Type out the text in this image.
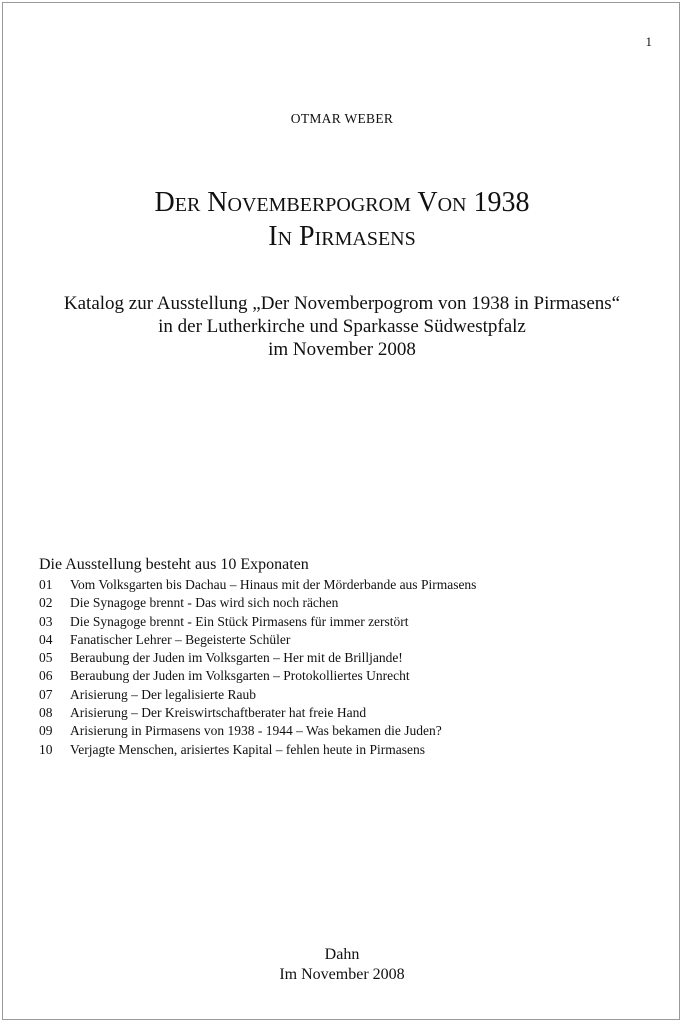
1
OTMAR WEBER
Der Novemberpogrom Von 1938
In Pirmasens
Katalog zur Ausstellung „Der Novemberpogrom von 1938 in Pirmasens“
in der Lutherkirche und Sparkasse Südwestpfalz
im November 2008
Die Ausstellung besteht aus 10 Exponaten
01	Vom Volksgarten bis Dachau – Hinaus mit der Mörderbande aus Pirmasens
02	Die Synagoge brennt - Das wird sich noch rächen
03	Die Synagoge brennt - Ein Stück Pirmasens für immer zerstört
04	Fanatischer Lehrer – Begeisterte Schüler
05	Beraubung der Juden im Volksgarten – Her mit de Brilljande!
06	Beraubung der Juden im Volksgarten – Protokolliertes Unrecht
07	Arisierung – Der legalisierte Raub
08	Arisierung – Der Kreiswirtschaftberater hat freie Hand
09	Arisierung in Pirmasens von 1938 - 1944 – Was bekamen die Juden?
10	Verjagte Menschen, arisiertes Kapital – fehlen heute in Pirmasens
Dahn
Im November 2008
